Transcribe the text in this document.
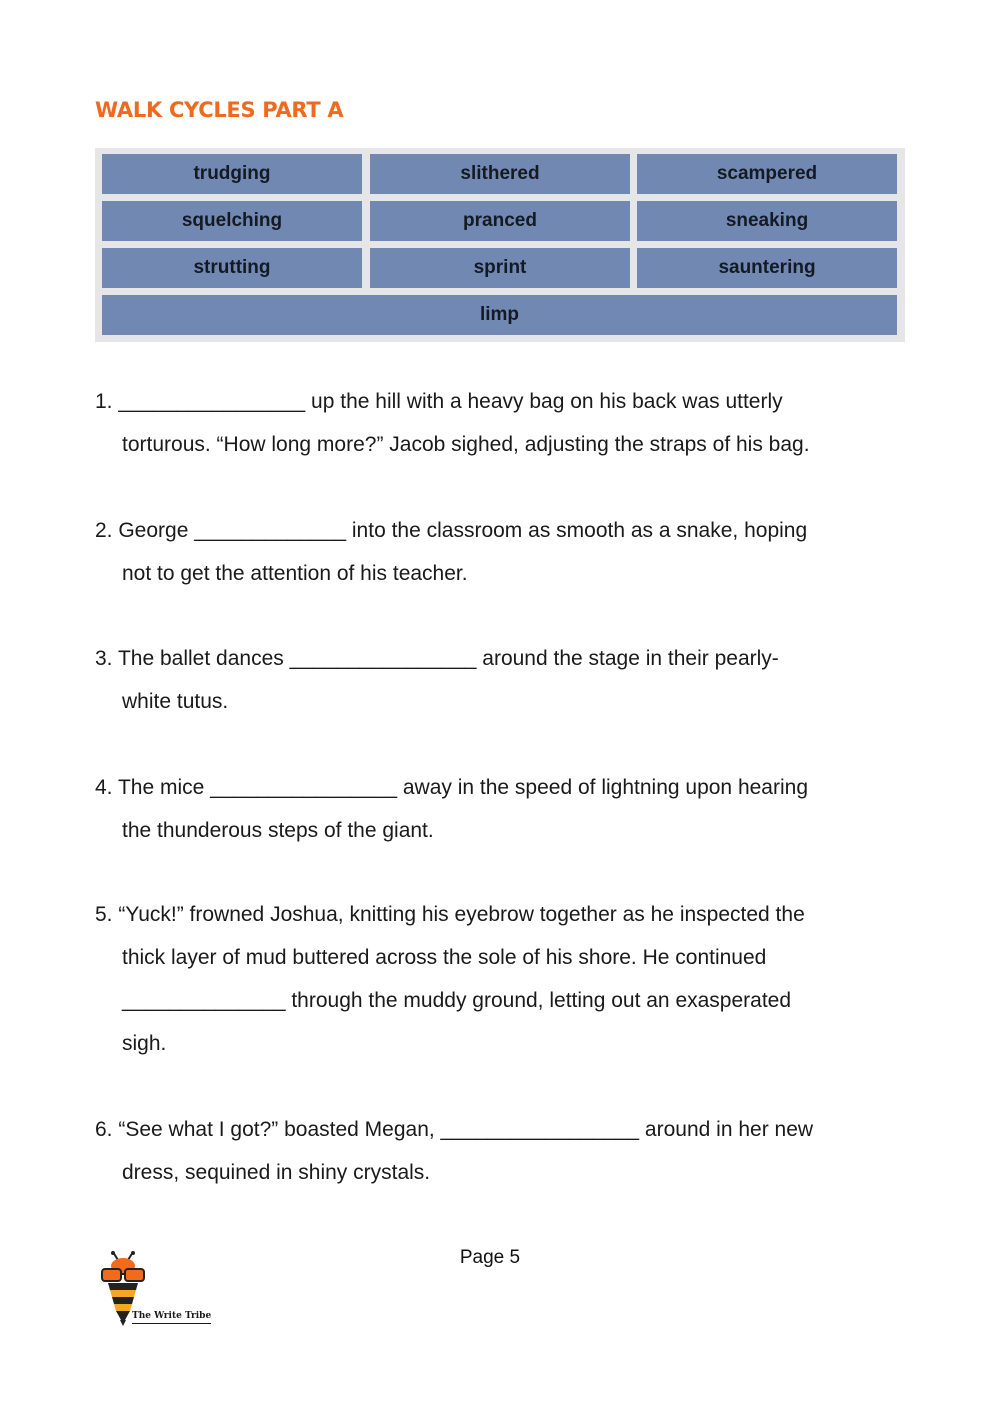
WALK CYCLES PART A
trudging	slithered	scampered
squelching	pranced	sneaking
strutting	sprint	sauntering
limp
1. ________________ up the hill with a heavy bag on his back was utterly
torturous. “How long more?” Jacob sighed, adjusting the straps of his bag.
2. George _____________ into the classroom as smooth as a snake, hoping
not to get the attention of his teacher.
3. The ballet dances ________________ around the stage in their pearly-
white tutus.
4. The mice ________________ away in the speed of lightning upon hearing
the thunderous steps of the giant.
5. “Yuck!” frowned Joshua, knitting his eyebrow together as he inspected the
thick layer of mud buttered across the sole of his shore. He continued
______________ through the muddy ground, letting out an exasperated
sigh.
6. “See what I got?” boasted Megan, _________________ around in her new
dress, sequined in shiny crystals.
The Write Tribe
Page 5
